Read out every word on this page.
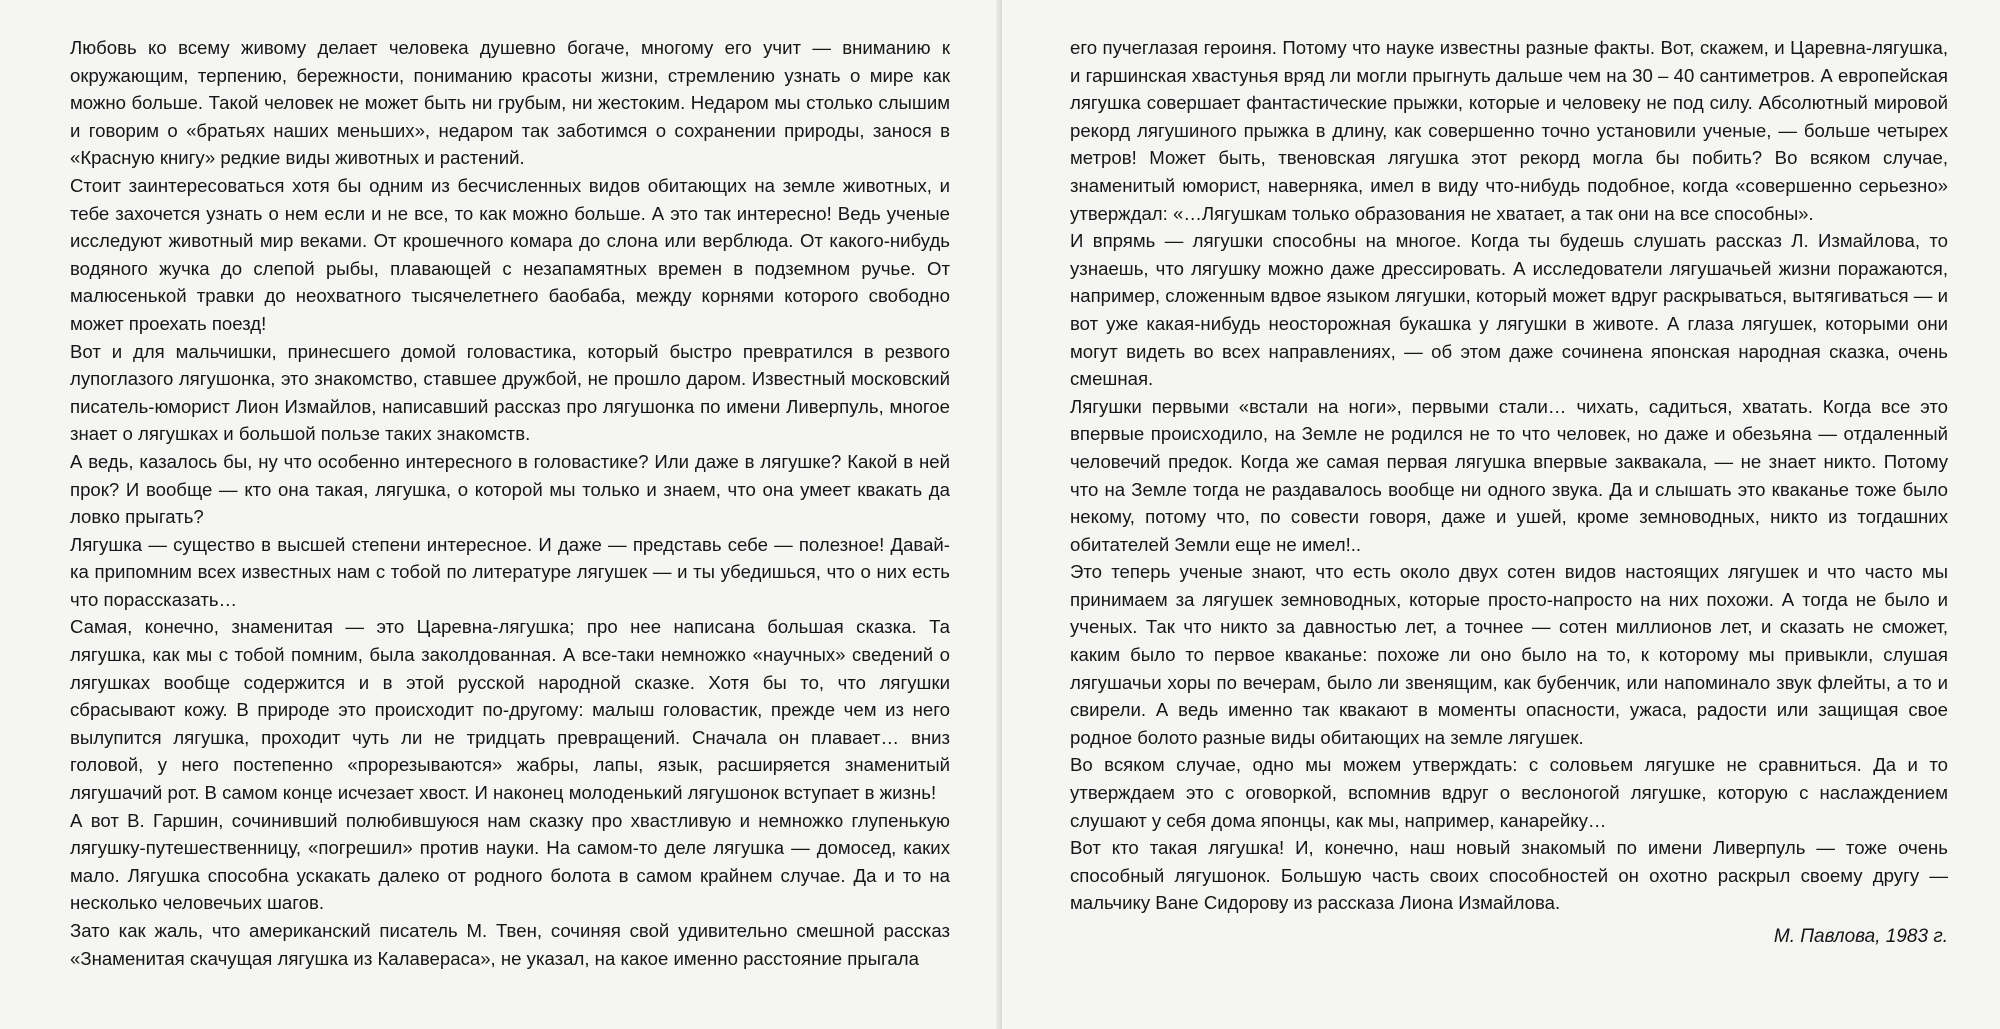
Любовь ко всему живому делает человека душевно богаче, многому его учит — вниманию к окружающим, терпению, бережности, пониманию красоты жизни, стремлению узнать о мире как можно больше. Такой человек не может быть ни грубым, ни жестоким. Недаром мы столько слышим и говорим о «братьях наших меньших», недаром так заботимся о сохранении природы, занося в «Красную книгу» редкие виды животных и растений.

Стоит заинтересоваться хотя бы одним из бесчисленных видов обитающих на земле животных, и тебе захочется узнать о нем если и не все, то как можно больше. А это так интересно! Ведь ученые исследуют животный мир веками. От крошечного комара до слона или верблюда. От какого-нибудь водяного жучка до слепой рыбы, плавающей с незапамятных времен в подземном ручье. От малюсенькой травки до неохватного тысячелетнего баобаба, между корнями которого свободно может проехать поезд!

Вот и для мальчишки, принесшего домой головастика, который быстро превратился в резвого лупоглазого лягушонка, это знакомство, ставшее дружбой, не прошло даром. Известный московский писатель-юморист Лион Измайлов, написавший рассказ про лягушонка по имени Ливерпуль, многое знает о лягушках и большой пользе таких знакомств.

А ведь, казалось бы, ну что особенно интересного в головастике? Или даже в лягушке? Какой в ней прок? И вообще — кто она такая, лягушка, о которой мы только и знаем, что она умеет квакать да ловко прыгать?

Лягушка — существо в высшей степени интересное. И даже — представь себе — полезное! Давай-ка припомним всех известных нам с тобой по литературе лягушек — и ты убедишься, что о них есть что порассказать…

Самая, конечно, знаменитая — это Царевна-лягушка; про нее написана большая сказка. Та лягушка, как мы с тобой помним, была заколдованная. А все-таки немножко «научных» сведений о лягушках вообще содержится и в этой русской народной сказке. Хотя бы то, что лягушки сбрасывают кожу. В природе это происходит по-другому: малыш головастик, прежде чем из него вылупится лягушка, проходит чуть ли не тридцать превращений. Сначала он плавает… вниз головой, у него постепенно «прорезываются» жабры, лапы, язык, расширяется знаменитый лягушачий рот. В самом конце исчезает хвост. И наконец молоденький лягушонок вступает в жизнь!

А вот В. Гаршин, сочинивший полюбившуюся нам сказку про хвастливую и немножко глупенькую лягушку-путешественницу, «погрешил» против науки. На самом-то деле лягушка — домосед, каких мало. Лягушка способна ускакать далеко от родного болота в самом крайнем случае. Да и то на несколько человечьих шагов.

Зато как жаль, что американский писатель М. Твен, сочиняя свой удивительно смешной рассказ «Знаменитая скачущая лягушка из Калавераса», не указал, на какое именно расстояние прыгала

его пучеглазая героиня. Потому что науке известны разные факты. Вот, скажем, и Царевна-лягушка, и гаршинская хвастунья вряд ли могли прыгнуть дальше чем на 30 – 40 сантиметров. А европейская лягушка совершает фантастические прыжки, которые и человеку не под силу. Абсолютный мировой рекорд лягушиного прыжка в длину, как совершенно точно установили ученые, — больше четырех метров! Может быть, твеновская лягушка этот рекорд могла бы побить? Во всяком случае, знаменитый юморист, наверняка, имел в виду что-нибудь подобное, когда «совершенно серьезно» утверждал: «…Лягушкам только образования не хватает, а так они на все способны».

И впрямь — лягушки способны на многое. Когда ты будешь слушать рассказ Л. Измайлова, то узнаешь, что лягушку можно даже дрессировать. А исследователи лягушачьей жизни поражаются, например, сложенным вдвое языком лягушки, который может вдруг раскрываться, вытягиваться — и вот уже какая-нибудь неосторожная букашка у лягушки в животе. А глаза лягушек, которыми они могут видеть во всех направлениях, — об этом даже сочинена японская народная сказка, очень смешная.

Лягушки первыми «встали на ноги», первыми стали… чихать, садиться, хватать. Когда все это впервые происходило, на Земле не родился не то что человек, но даже и обезьяна — отдаленный человечий предок. Когда же самая первая лягушка впервые заквакала, — не знает никто. Потому что на Земле тогда не раздавалось вообще ни одного звука. Да и слышать это кваканье тоже было некому, потому что, по совести говоря, даже и ушей, кроме земноводных, никто из тогдашних обитателей Земли еще не имел!..

Это теперь ученые знают, что есть около двух сотен видов настоящих лягушек и что часто мы принимаем за лягушек земноводных, которые просто-напросто на них похожи. А тогда не было и ученых. Так что никто за давностью лет, а точнее — сотен миллионов лет, и сказать не сможет, каким было то первое кваканье: похоже ли оно было на то, к которому мы привыкли, слушая лягушачьи хоры по вечерам, было ли звенящим, как бубенчик, или напоминало звук флейты, а то и свирели. А ведь именно так квакают в моменты опасности, ужаса, радости или защищая свое родное болото разные виды обитающих на земле лягушек.

Во всяком случае, одно мы можем утверждать: с соловьем лягушке не сравниться. Да и то утверждаем это с оговоркой, вспомнив вдруг о веслоногой лягушке, которую с наслаждением слушают у себя дома японцы, как мы, например, канарейку…

Вот кто такая лягушка! И, конечно, наш новый знакомый по имени Ливерпуль — тоже очень способный лягушонок. Большую часть своих способностей он охотно раскрыл своему другу — мальчику Ване Сидорову из рассказа Лиона Измайлова.

М. Павлова, 1983 г.
